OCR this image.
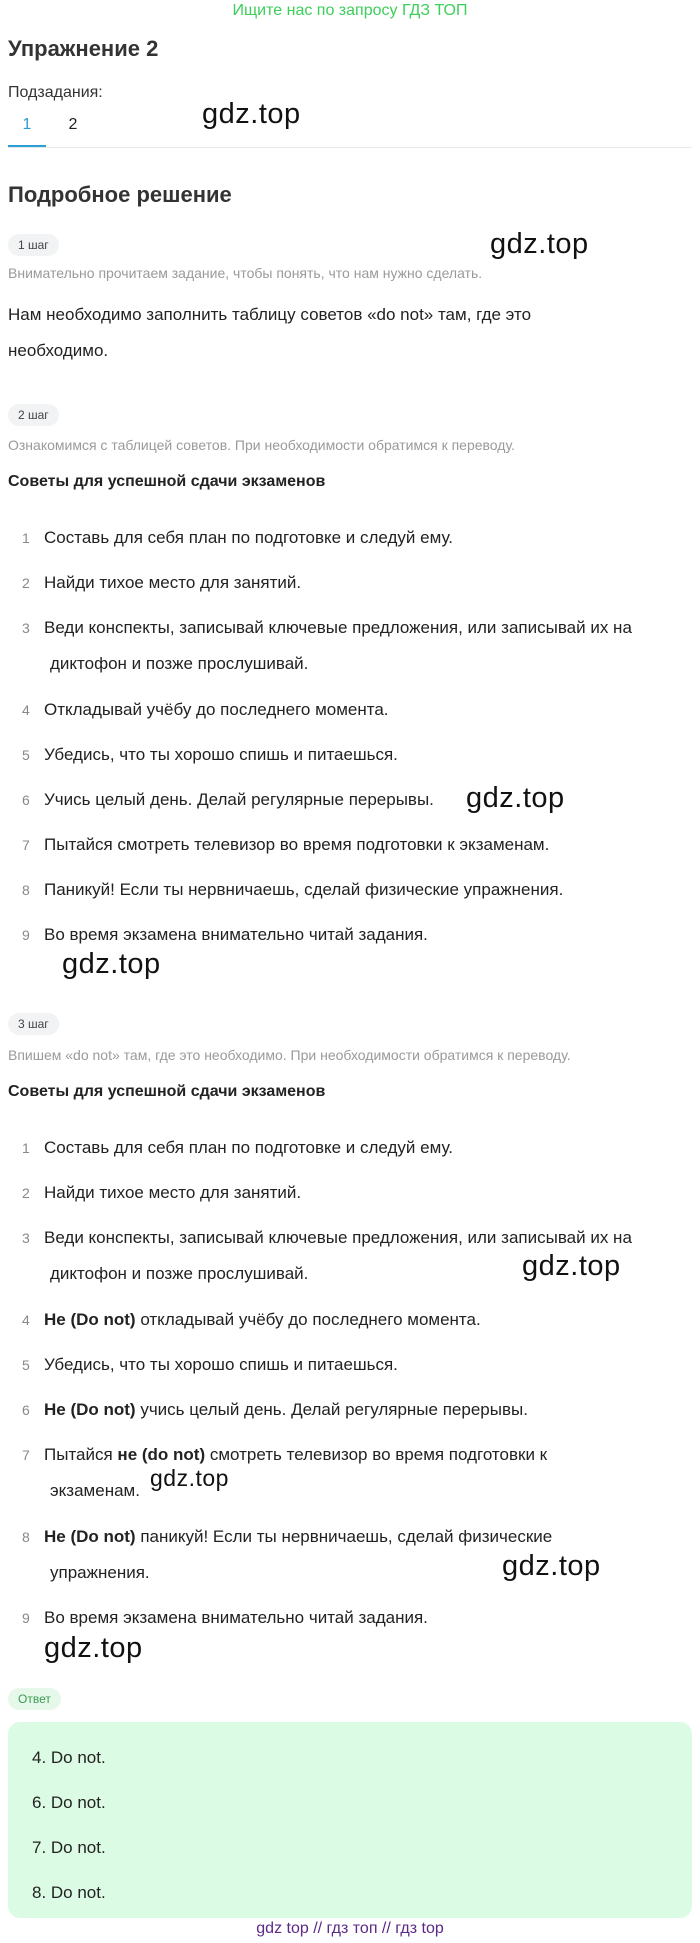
Ищите нас по запросу ГДЗ ТОП
Упражнение 2
Подзадания:
1	2
Подробное решение
1 шаг
Внимательно прочитаем задание, чтобы понять, что нам нужно сделать.
Нам необходимо заполнить таблицу советов «do not» там, где это
необходимо.
2 шаг
Ознакомимся с таблицей советов. При необходимости обратимся к переводу.
Советы для успешной сдачи экзаменов
1 Составь для себя план по подготовке и следуй ему.
2 Найди тихое место для занятий.
3 Веди конспекты, записывай ключевые предложения, или записывай их на
диктофон и позже прослушивай.
4 Откладывай учёбу до последнего момента.
5 Убедись, что ты хорошо спишь и питаешься.
6 Учись целый день. Делай регулярные перерывы.
7 Пытайся смотреть телевизор во время подготовки к экзаменам.
8 Паникуй! Если ты нервничаешь, сделай физические упражнения.
9 Во время экзамена внимательно читай задания.
3 шаг
Впишем «do not» там, где это необходимо. При необходимости обратимся к переводу.
Советы для успешной сдачи экзаменов
1 Составь для себя план по подготовке и следуй ему.
2 Найди тихое место для занятий.
3 Веди конспекты, записывай ключевые предложения, или записывай их на
диктофон и позже прослушивай.
4 Не (Do not) откладывай учёбу до последнего момента.
5 Убедись, что ты хорошо спишь и питаешься.
6 Не (Do not) учись целый день. Делай регулярные перерывы.
7 Пытайся не (do not) смотреть телевизор во время подготовки к
экзаменам.
8 Не (Do not) паникуй! Если ты нервничаешь, сделай физические
упражнения.
9 Во время экзамена внимательно читай задания.
Ответ
4. Do not.
6. Do not.
7. Do not.
8. Do not.
gdz.top
gdz.top
gdz.top
gdz.top
gdz.top
gdz.top
gdz.top
gdz.top
gdz top // гдз топ // гдз top
